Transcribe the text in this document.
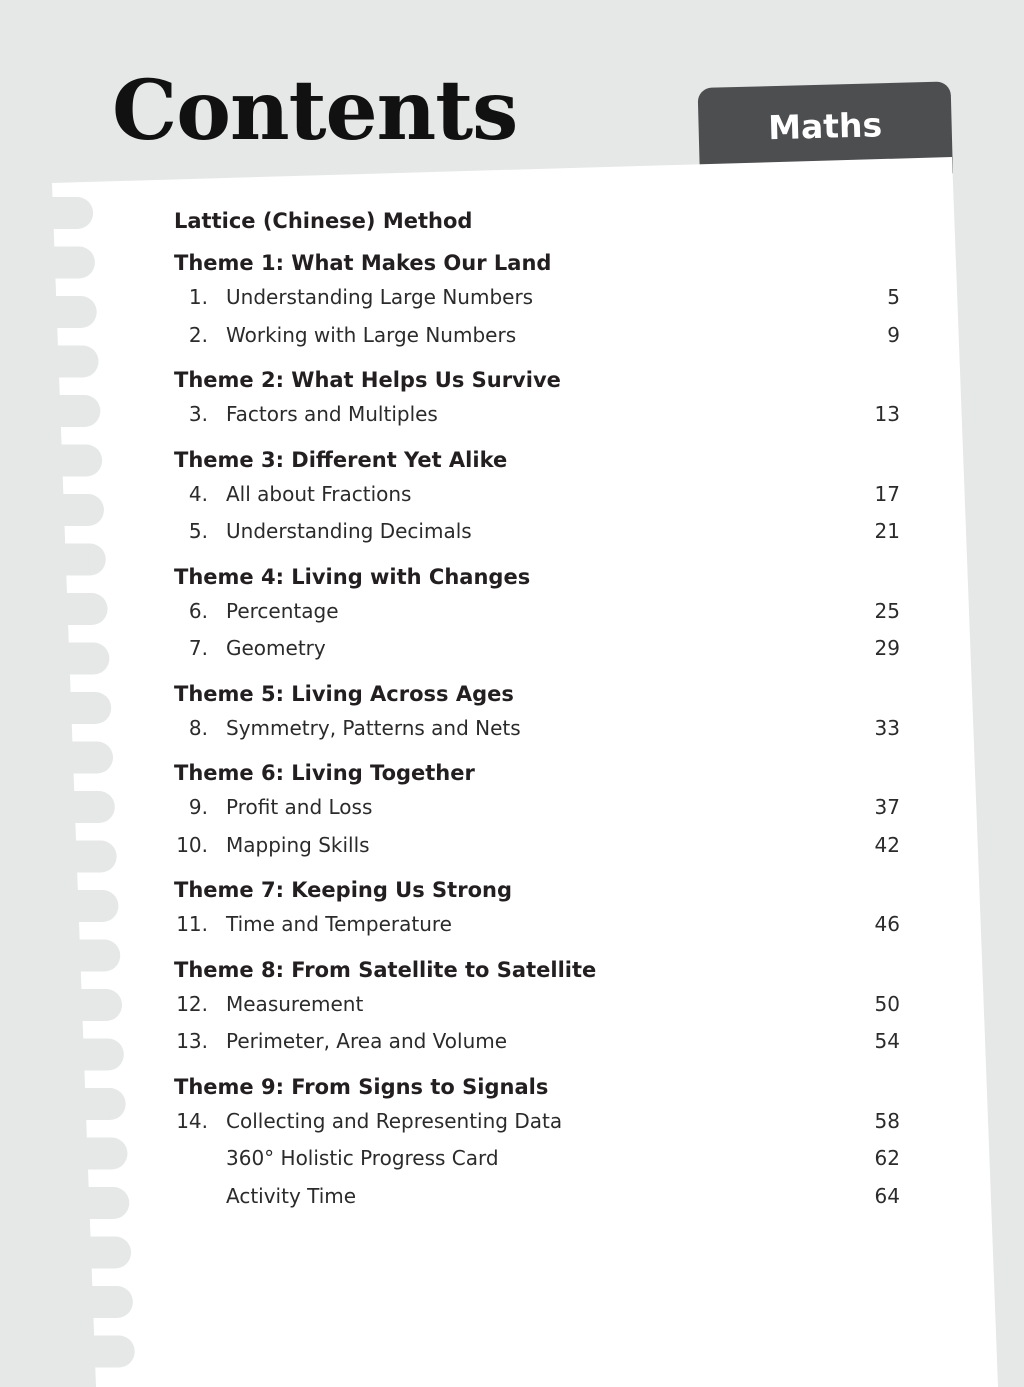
Contents	Maths
Lattice (Chinese) Method
Theme 1: What Makes Our Land
1. Understanding Large Numbers	5
2. Working with Large Numbers	9
Theme 2: What Helps Us Survive
3. Factors and Multiples	13
Theme 3: Different Yet Alike
4. All about Fractions	17
5. Understanding Decimals	21
Theme 4: Living with Changes
6. Percentage	25
7. Geometry	29
Theme 5: Living Across Ages
8. Symmetry, Patterns and Nets	33
Theme 6: Living Together
9. Profit and Loss	37
10. Mapping Skills	42
Theme 7: Keeping Us Strong
11. Time and Temperature	46
Theme 8: From Satellite to Satellite
12. Measurement	50
13. Perimeter, Area and Volume	54
Theme 9: From Signs to Signals
14. Collecting and Representing Data	58
360° Holistic Progress Card	62
Activity Time	64
